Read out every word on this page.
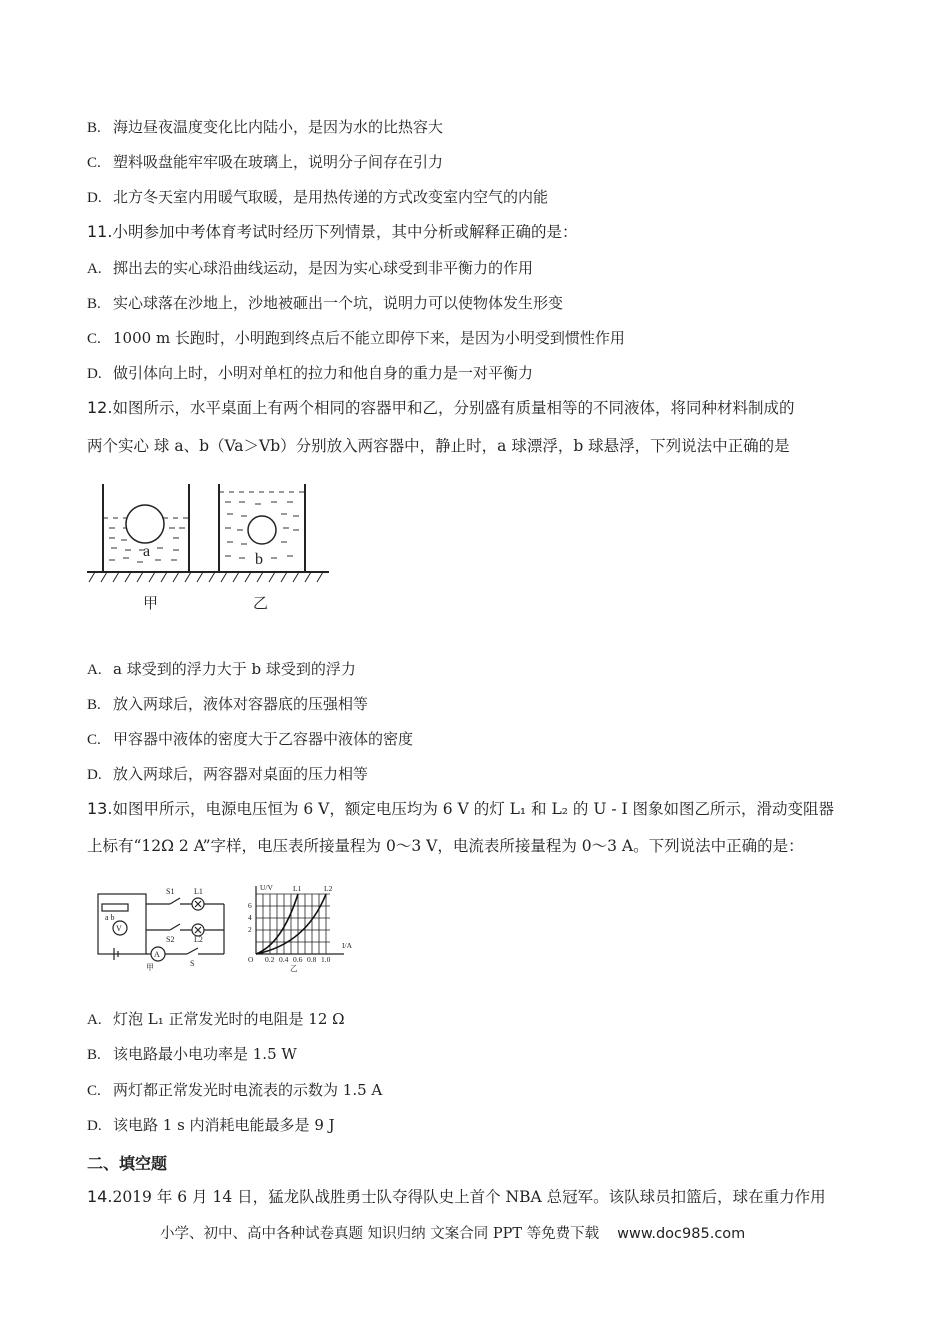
B. 海边昼夜温度变化比内陆小，是因为水的比热容大
C. 塑料吸盘能牢牢吸在玻璃上，说明分子间存在引力
D. 北方冬天室内用暖气取暖，是用热传递的方式改变室内空气的内能
11.小明参加中考体育考试时经历下列情景，其中分析或解释正确的是：
A. 掷出去的实心球沿曲线运动，是因为实心球受到非平衡力的作用
B. 实心球落在沙地上，沙地被砸出一个坑，说明力可以使物体发生形变
C. 1000 m 长跑时，小明跑到终点后不能立即停下来，是因为小明受到惯性作用
D. 做引体向上时，小明对单杠的拉力和他自身的重力是一对平衡力
12.如图所示，水平桌面上有两个相同的容器甲和乙，分别盛有质量相等的不同液体，将同种材料制成的
两个实心 球 a、b（Va＞Vb）分别放入两容器中，静止时，a 球漂浮，b 球悬浮，下列说法中正确的是
a	b
甲	乙
A. a 球受到的浮力大于 b 球受到的浮力
B. 放入两球后，液体对容器底的压强相等
C. 甲容器中液体的密度大于乙容器中液体的密度
D. 放入两球后，两容器对桌面的压力相等
13.如图甲所示，电源电压恒为 6 V，额定电压均为 6 V 的灯 L₁ 和 L₂ 的 U - I 图象如图乙所示，滑动变阻器
上标有“12Ω 2 A”字样，电压表所接量程为 0～3 V，电流表所接量程为 0～3 A。下列说法中正确的是：
S1 L1
S2 L2
S
V
A
a b
甲
U/V
I/A
L1	L2
6
4
2
O 0.2 0.4 0.6 0.8 1.0
乙
A. 灯泡 L₁ 正常发光时的电阻是 12 Ω
B. 该电路最小电功率是 1.5 W
C. 两灯都正常发光时电流表的示数为 1.5 A
D. 该电路 1 s 内消耗电能最多是 9 J
二、填空题
14.2019 年 6 月 14 日，猛龙队战胜勇士队夺得队史上首个 NBA 总冠军。该队球员扣篮后，球在重力作用
小学、初中、高中各种试卷真题 知识归纳 文案合同 PPT 等免费下载 www.doc985.com
